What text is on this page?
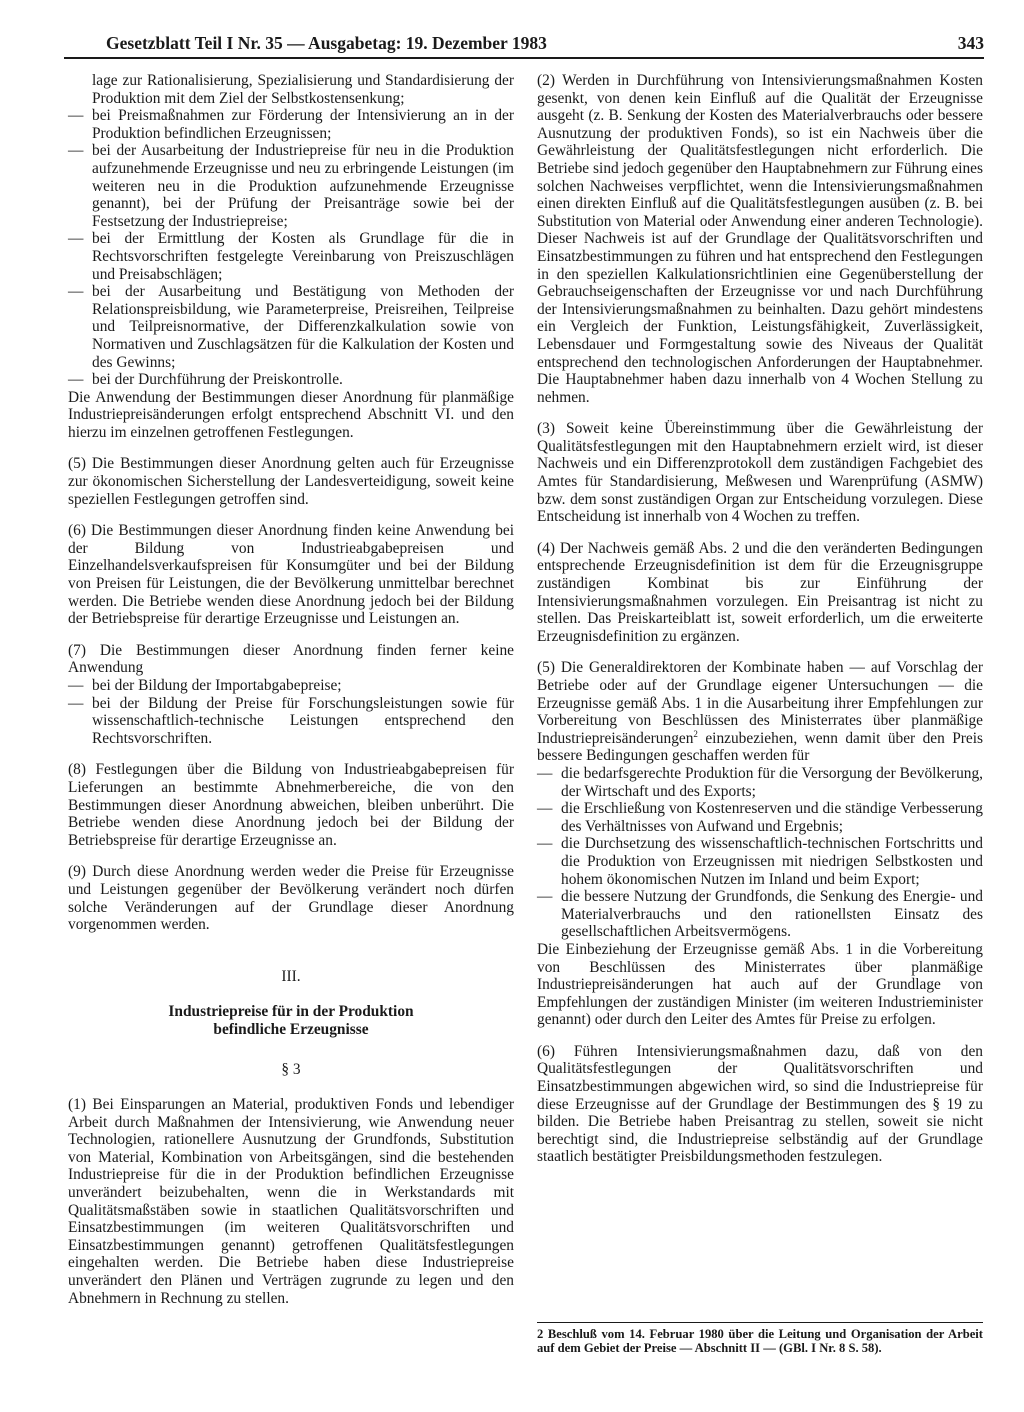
Gesetzblatt Teil I Nr. 35 — Ausgabetag: 19. Dezember 1983	343

lage zur Rationalisierung, Spezialisierung und Standardisierung der Produktion mit dem Ziel der Selbstkostensenkung;

— bei Preismaßnahmen zur Förderung der Intensivierung an in der Produktion befindlichen Erzeugnissen;
— bei der Ausarbeitung der Industriepreise für neu in die Produktion aufzunehmende Erzeugnisse und neu zu erbringende Leistungen (im weiteren neu in die Produktion aufzunehmende Erzeugnisse genannt), bei der Prüfung der Preisanträge sowie bei der Festsetzung der Industriepreise;
— bei der Ermittlung der Kosten als Grundlage für die in Rechtsvorschriften festgelegte Vereinbarung von Preiszuschlägen und Preisabschlägen;
— bei der Ausarbeitung und Bestätigung von Methoden der Relationspreisbildung, wie Parameterpreise, Preisreihen, Teilpreise und Teilpreisnormative, der Differenzkalkulation sowie von Normativen und Zuschlagsätzen für die Kalkulation der Kosten und des Gewinns;
— bei der Durchführung der Preiskontrolle.

Die Anwendung der Bestimmungen dieser Anordnung für planmäßige Industriepreisänderungen erfolgt entsprechend Abschnitt VI. und den hierzu im einzelnen getroffenen Festlegungen.

(5) Die Bestimmungen dieser Anordnung gelten auch für Erzeugnisse zur ökonomischen Sicherstellung der Landesverteidigung, soweit keine speziellen Festlegungen getroffen sind.

(6) Die Bestimmungen dieser Anordnung finden keine Anwendung bei der Bildung von Industrieabgabepreisen und Einzelhandelsverkaufspreisen für Konsumgüter und bei der Bildung von Preisen für Leistungen, die der Bevölkerung unmittelbar berechnet werden. Die Betriebe wenden diese Anordnung jedoch bei der Bildung der Betriebspreise für derartige Erzeugnisse und Leistungen an.

(7) Die Bestimmungen dieser Anordnung finden ferner keine Anwendung

— bei der Bildung der Importabgabepreise;
— bei der Bildung der Preise für Forschungsleistungen sowie für wissenschaftlich-technische Leistungen entsprechend den Rechtsvorschriften.

(8) Festlegungen über die Bildung von Industrieabgabepreisen für Lieferungen an bestimmte Abnehmerbereiche, die von den Bestimmungen dieser Anordnung abweichen, bleiben unberührt. Die Betriebe wenden diese Anordnung jedoch bei der Bildung der Betriebspreise für derartige Erzeugnisse an.

(9) Durch diese Anordnung werden weder die Preise für Erzeugnisse und Leistungen gegenüber der Bevölkerung verändert noch dürfen solche Veränderungen auf der Grundlage dieser Anordnung vorgenommen werden.

III.

Industriepreise für in der Produktion

befindliche Erzeugnisse

§ 3

(1) Bei Einsparungen an Material, produktiven Fonds und lebendiger Arbeit durch Maßnahmen der Intensivierung, wie Anwendung neuer Technologien, rationellere Ausnutzung der Grundfonds, Substitution von Material, Kombination von Arbeitsgängen, sind die bestehenden Industriepreise für die in der Produktion befindlichen Erzeugnisse unverändert beizubehalten, wenn die in Werkstandards mit Qualitätsmaßstäben sowie in staatlichen Qualitätsvorschriften und Einsatzbestimmungen (im weiteren Qualitätsvorschriften und Einsatzbestimmungen genannt) getroffenen Qualitätsfestlegungen eingehalten werden. Die Betriebe haben diese Industriepreise unverändert den Plänen und Verträgen zugrunde zu legen und den Abnehmern in Rechnung zu stellen.

(2) Werden in Durchführung von Intensivierungsmaßnahmen Kosten gesenkt, von denen kein Einfluß auf die Qualität der Erzeugnisse ausgeht (z. B. Senkung der Kosten des Materialverbrauchs oder bessere Ausnutzung der produktiven Fonds), so ist ein Nachweis über die Gewährleistung der Qualitätsfestlegungen nicht erforderlich. Die Betriebe sind jedoch gegenüber den Hauptabnehmern zur Führung eines solchen Nachweises verpflichtet, wenn die Intensivierungsmaßnahmen einen direkten Einfluß auf die Qualitätsfestlegungen ausüben (z. B. bei Substitution von Material oder Anwendung einer anderen Technologie). Dieser Nachweis ist auf der Grundlage der Qualitätsvorschriften und Einsatzbestimmungen zu führen und hat entsprechend den Festlegungen in den speziellen Kalkulationsrichtlinien eine Gegenüberstellung der Gebrauchseigenschaften der Erzeugnisse vor und nach Durchführung der Intensivierungsmaßnahmen zu beinhalten. Dazu gehört mindestens ein Vergleich der Funktion, Leistungsfähigkeit, Zuverlässigkeit, Lebensdauer und Formgestaltung sowie des Niveaus der Qualität entsprechend den technologischen Anforderungen der Hauptabnehmer. Die Hauptabnehmer haben dazu innerhalb von 4 Wochen Stellung zu nehmen.

(3) Soweit keine Übereinstimmung über die Gewährleistung der Qualitätsfestlegungen mit den Hauptabnehmern erzielt wird, ist dieser Nachweis und ein Differenzprotokoll dem zuständigen Fachgebiet des Amtes für Standardisierung, Meßwesen und Warenprüfung (ASMW) bzw. dem sonst zuständigen Organ zur Entscheidung vorzulegen. Diese Entscheidung ist innerhalb von 4 Wochen zu treffen.

(4) Der Nachweis gemäß Abs. 2 und die den veränderten Bedingungen entsprechende Erzeugnisdefinition ist dem für die Erzeugnisgruppe zuständigen Kombinat bis zur Einführung der Intensivierungsmaßnahmen vorzulegen. Ein Preisantrag ist nicht zu stellen. Das Preiskarteiblatt ist, soweit erforderlich, um die erweiterte Erzeugnisdefinition zu ergänzen.

(5) Die Generaldirektoren der Kombinate haben — auf Vorschlag der Betriebe oder auf der Grundlage eigener Untersuchungen — die Erzeugnisse gemäß Abs. 1 in die Ausarbeitung ihrer Empfehlungen zur Vorbereitung von Beschlüssen des Ministerrates über planmäßige Industriepreisänderungen$^2$ einzubeziehen, wenn damit über den Preis bessere Bedingungen geschaffen werden für

— die bedarfsgerechte Produktion für die Versorgung der Bevölkerung, der Wirtschaft und des Exports;
— die Erschließung von Kostenreserven und die ständige Verbesserung des Verhältnisses von Aufwand und Ergebnis;
— die Durchsetzung des wissenschaftlich-technischen Fortschritts und die Produktion von Erzeugnissen mit niedrigen Selbstkosten und hohem ökonomischen Nutzen im Inland und beim Export;
— die bessere Nutzung der Grundfonds, die Senkung des Energie- und Materialverbrauchs und den rationellsten Einsatz des gesellschaftlichen Arbeitsvermögens.

Die Einbeziehung der Erzeugnisse gemäß Abs. 1 in die Vorbereitung von Beschlüssen des Ministerrates über planmäßige Industriepreisänderungen hat auch auf der Grundlage von Empfehlungen der zuständigen Minister (im weiteren Industrieminister genannt) oder durch den Leiter des Amtes für Preise zu erfolgen.

(6) Führen Intensivierungsmaßnahmen dazu, daß von den Qualitätsfestlegungen der Qualitätsvorschriften und Einsatzbestimmungen abgewichen wird, so sind die Industriepreise für diese Erzeugnisse auf der Grundlage der Bestimmungen des § 19 zu bilden. Die Betriebe haben Preisantrag zu stellen, soweit sie nicht berechtigt sind, die Industriepreise selbständig auf der Grundlage staatlich bestätigter Preisbildungsmethoden festzulegen.

2 Beschluß vom 14. Februar 1980 über die Leitung und Organisation der Arbeit auf dem Gebiet der Preise — Abschnitt II — (GBl. I Nr. 8 S. 58).
